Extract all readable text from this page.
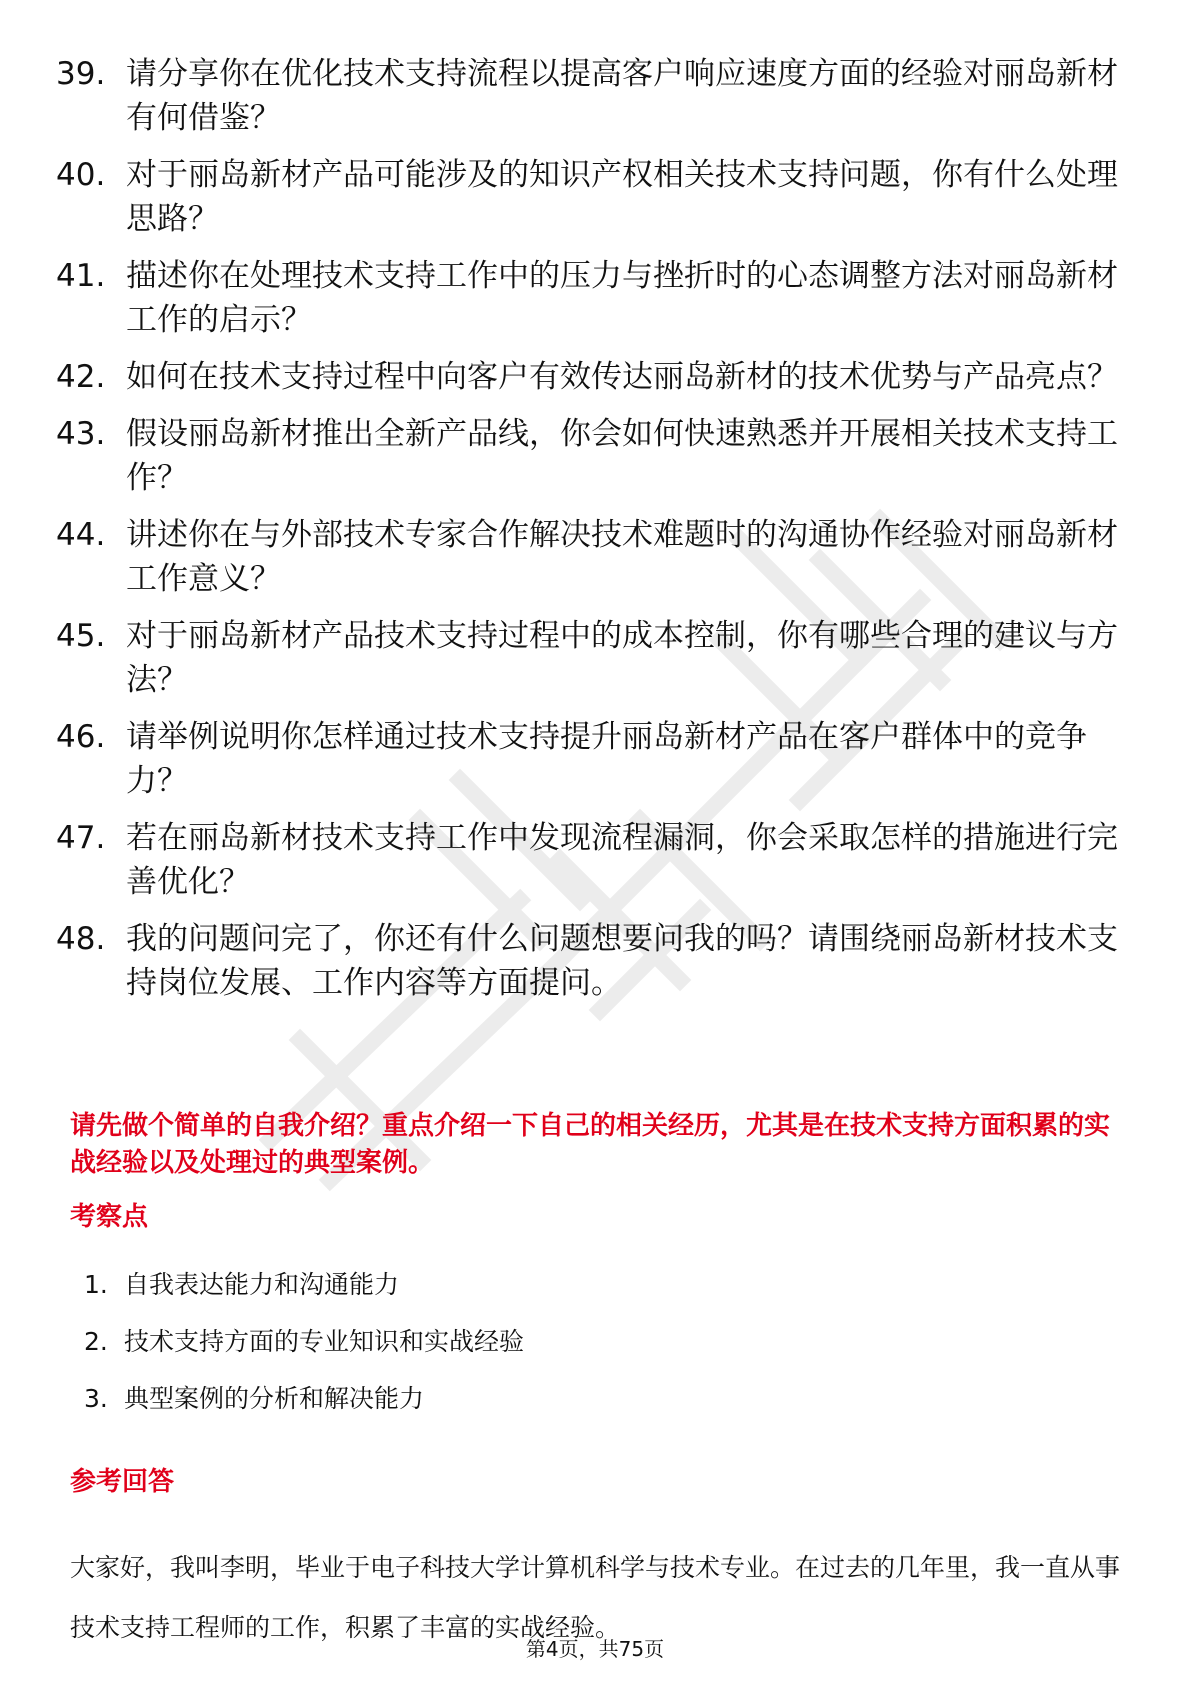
39. 请分享你在优化技术支持流程以提高客户响应速度方面的经验对丽岛新材有何借鉴？
40. 对于丽岛新材产品可能涉及的知识产权相关技术支持问题，你有什么处理思路？
41. 描述你在处理技术支持工作中的压力与挫折时的心态调整方法对丽岛新材工作的启示？
42. 如何在技术支持过程中向客户有效传达丽岛新材的技术优势与产品亮点？
43. 假设丽岛新材推出全新产品线，你会如何快速熟悉并开展相关技术支持工作？
44. 讲述你在与外部技术专家合作解决技术难题时的沟通协作经验对丽岛新材工作意义？
45. 对于丽岛新材产品技术支持过程中的成本控制，你有哪些合理的建议与方法？
46. 请举例说明你怎样通过技术支持提升丽岛新材产品在客户群体中的竞争力？
47. 若在丽岛新材技术支持工作中发现流程漏洞，你会采取怎样的措施进行完善优化？
48. 我的问题问完了，你还有什么问题想要问我的吗？请围绕丽岛新材技术支持岗位发展、工作内容等方面提问。
请先做个简单的自我介绍？重点介绍一下自己的相关经历，尤其是在技术支持方面积累的实战经验以及处理过的典型案例。
考察点
1. 自我表达能力和沟通能力
2. 技术支持方面的专业知识和实战经验
3. 典型案例的分析和解决能力
参考回答
大家好，我叫李明，毕业于电子科技大学计算机科学与技术专业。在过去的几年里，我一直从事技术支持工程师的工作，积累了丰富的实战经验。
第4页，共75页
